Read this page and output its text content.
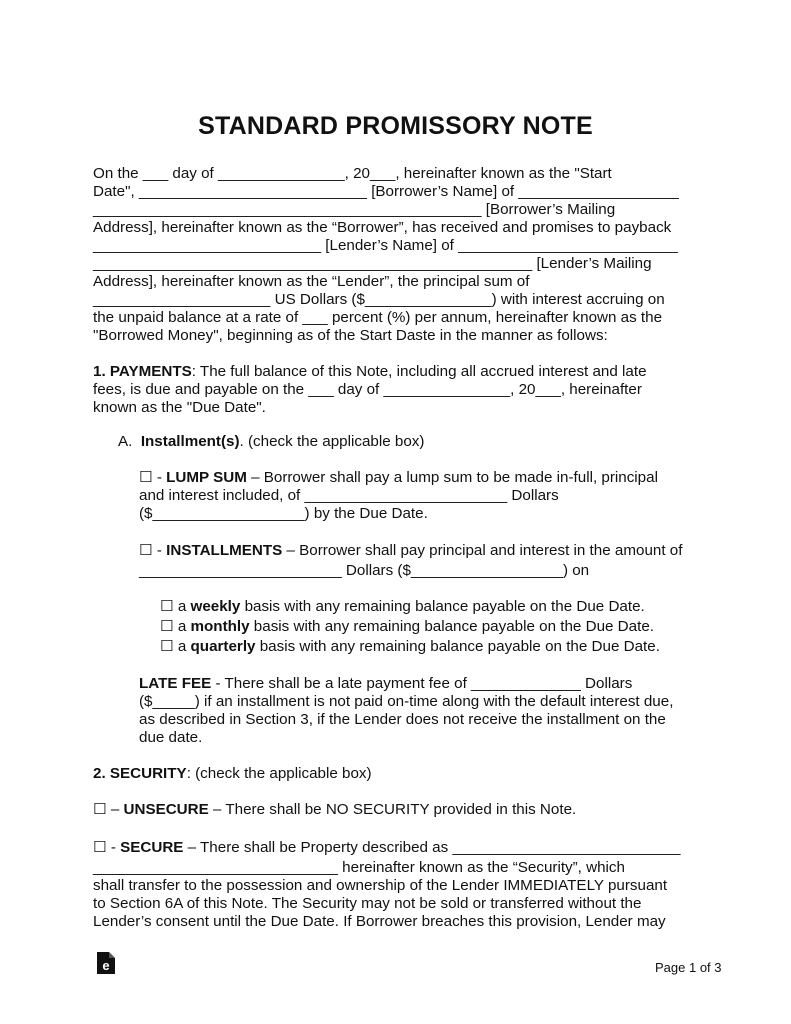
STANDARD PROMISSORY NOTE
On the ___ day of _______________, 20___, hereinafter known as the "Start
Date", ___________________________ [Borrower’s Name] of ___________________
______________________________________________ [Borrower’s Mailing
Address], hereinafter known as the “Borrower”, has received and promises to payback
___________________________ [Lender’s Name] of __________________________
____________________________________________________ [Lender’s Mailing
Address], hereinafter known as the “Lender”, the principal sum of
_____________________ US Dollars ($_______________) with interest accruing on
the unpaid balance at a rate of ___ percent (%) per annum, hereinafter known as the
"Borrowed Money", beginning as of the Start Daste in the manner as follows:
1. PAYMENTS: The full balance of this Note, including all accrued interest and late
fees, is due and payable on the ___ day of _______________, 20___, hereinafter
known as the "Due Date".
A. Installment(s). (check the applicable box)
☐ - LUMP SUM – Borrower shall pay a lump sum to be made in-full, principal
and interest included, of ________________________ Dollars
($__________________) by the Due Date.
☐ - INSTALLMENTS – Borrower shall pay principal and interest in the amount of
________________________ Dollars ($__________________) on
☐ a weekly basis with any remaining balance payable on the Due Date.
☐ a monthly basis with any remaining balance payable on the Due Date.
☐ a quarterly basis with any remaining balance payable on the Due Date.
LATE FEE - There shall be a late payment fee of _____________ Dollars
($_____) if an installment is not paid on-time along with the default interest due,
as described in Section 3, if the Lender does not receive the installment on the
due date.
2. SECURITY: (check the applicable box)
☐ ‒ UNSECURE – There shall be NO SECURITY provided in this Note.
☐ - SECURE – There shall be Property described as ___________________________
_____________________________ hereinafter known as the “Security”, which
shall transfer to the possession and ownership of the Lender IMMEDIATELY pursuant
to Section 6A of this Note. The Security may not be sold or transferred without the
Lender’s consent until the Due Date. If Borrower breaches this provision, Lender may
e	Page 1 of 3
